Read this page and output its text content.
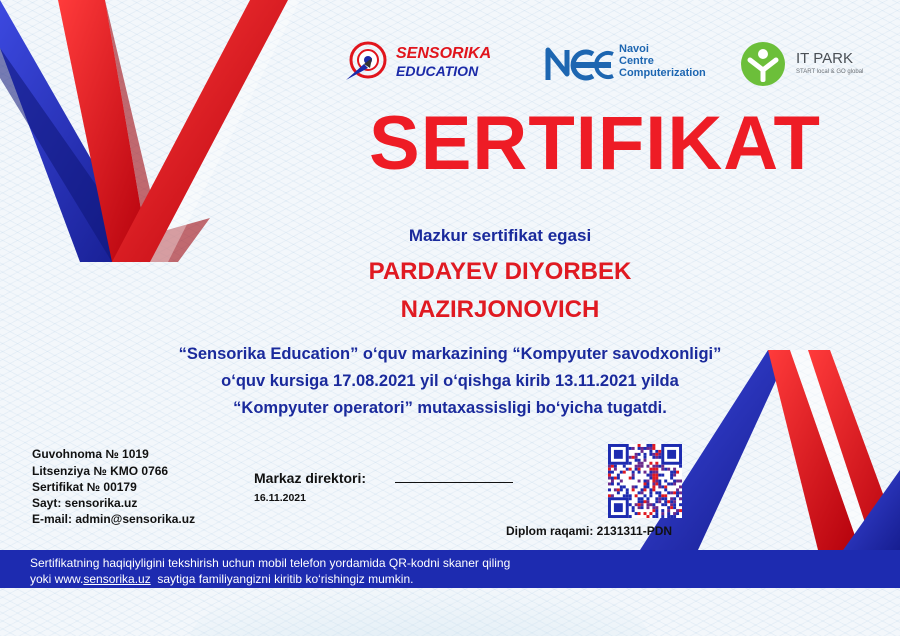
SENSORIKA
EDUCATION
Navoi
Centre
Computerization
IT PARK
START local & GO global
SERTIFIKAT
Mazkur sertifikat egasi
PARDAYEV DIYORBEK
NAZIRJONOVICH
“Sensorika Education” o‘quv markazining “Kompyuter savodxonligi”
o‘quv kursiga 17.08.2021 yil o‘qishga kirib 13.11.2021 yilda
“Kompyuter operatori” mutaxassisligi bo‘yicha tugatdi.
Guvohnoma № 1019
Litsenziya № KMO 0766
Sertifikat № 00179
Sayt: sensorika.uz
E-mail: admin@sensorika.uz
Markaz direktori:
16.11.2021
Diplom raqami: 2131311-PDN
Sertifikatning haqiqiyligini tekshirish uchun mobil telefon yordamida QR-kodni skaner qiling
yoki www.sensorika.uz  saytiga familiyangizni kiritib ko‘rishingiz mumkin.
